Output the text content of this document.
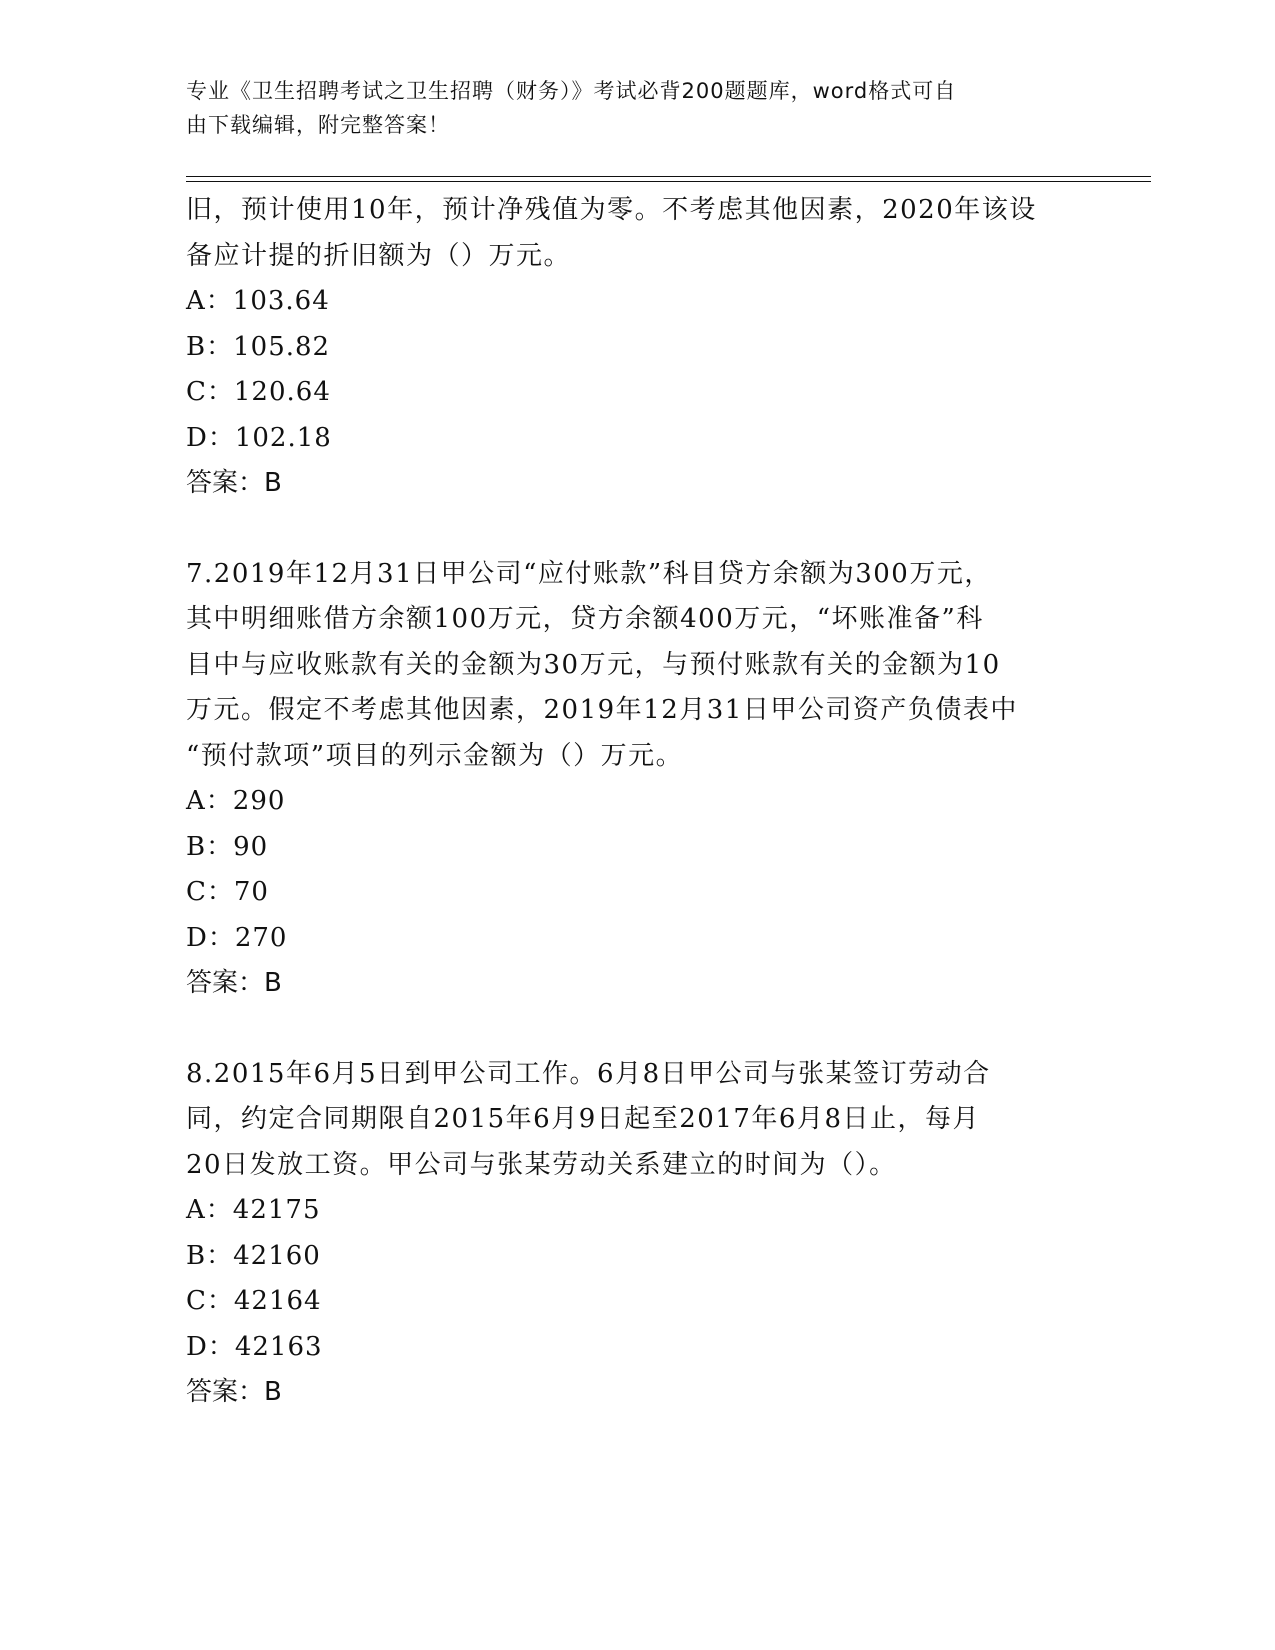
专业《卫生招聘考试之卫生招聘（财务）》考试必背200题题库，word格式可自
由下载编辑，附完整答案！
旧，预计使用10年，预计净残值为零。不考虑其他因素，2020年该设
备应计提的折旧额为（）万元。
A：103.64
B：105.82
C：120.64
D：102.18
答案：B
7.2019年12月31日甲公司“应付账款”科目贷方余额为300万元，
其中明细账借方余额100万元，贷方余额400万元，“坏账准备”科
目中与应收账款有关的金额为30万元，与预付账款有关的金额为10
万元。假定不考虑其他因素，2019年12月31日甲公司资产负债表中
“预付款项”项目的列示金额为（）万元。
A：290
B：90
C：70
D：270
答案：B
8.2015年6月5日到甲公司工作。6月8日甲公司与张某签订劳动合
同，约定合同期限自2015年6月9日起至2017年6月8日止，每月
20日发放工资。甲公司与张某劳动关系建立的时间为（）。
A：42175
B：42160
C：42164
D：42163
答案：B
